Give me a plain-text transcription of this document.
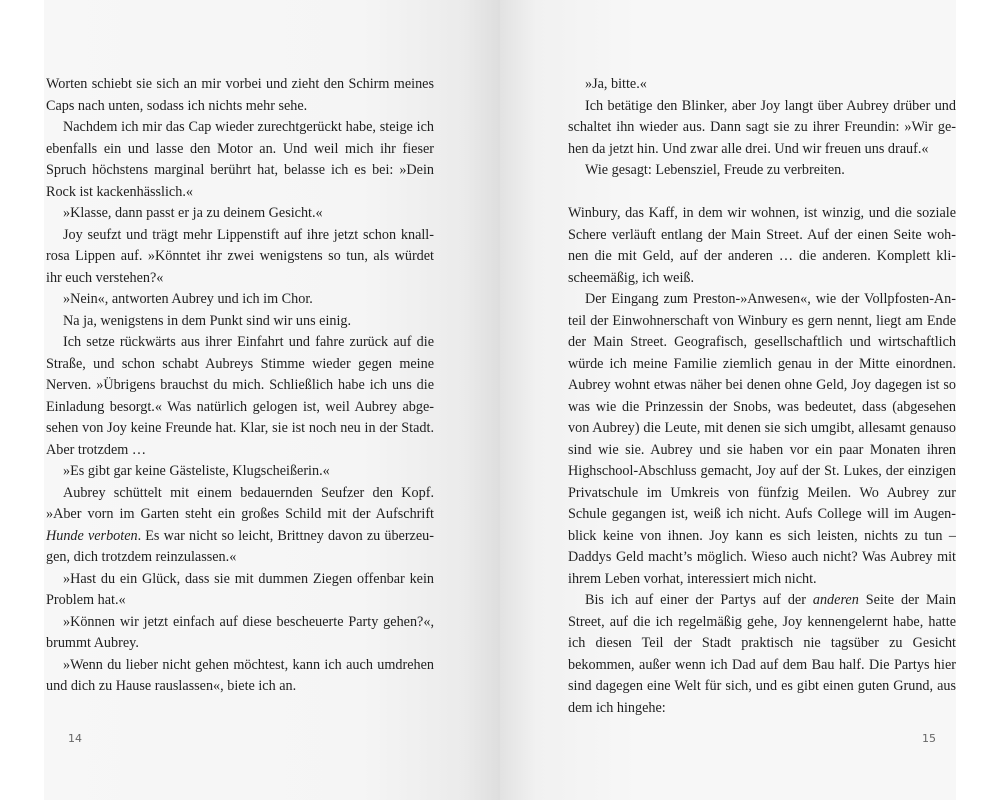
Worten schiebt sie sich an mir vorbei und zieht den Schirm meines Caps nach unten, sodass ich nichts mehr sehe.

Nachdem ich mir das Cap wieder zurechtgerückt habe, steige ich ebenfalls ein und lasse den Motor an. Und weil mich ihr fieser Spruch höchstens marginal berührt hat, belasse ich es bei: »Dein Rock ist kackenhässlich.«

»Klasse, dann passt er ja zu deinem Gesicht.«

Joy seufzt und trägt mehr Lippenstift auf ihre jetzt schon knallrosa Lippen auf. »Könntet ihr zwei wenigstens so tun, als würdet ihr euch verstehen?«

»Nein«, antworten Aubrey und ich im Chor.

Na ja, wenigstens in dem Punkt sind wir uns einig.

Ich setze rückwärts aus ihrer Einfahrt und fahre zurück auf die Straße, und schon schabt Aubreys Stimme wieder gegen meine Nerven. »Übrigens brauchst du mich. Schließlich habe ich uns die Einladung besorgt.« Was natürlich gelogen ist, weil Aubrey abgesehen von Joy keine Freunde hat. Klar, sie ist noch neu in der Stadt. Aber trotzdem …

»Es gibt gar keine Gästeliste, Klugscheißerin.«

Aubrey schüttelt mit einem bedauernden Seufzer den Kopf. »Aber vorn im Garten steht ein großes Schild mit der Aufschrift Hunde verboten. Es war nicht so leicht, Brittney davon zu überzeugen, dich trotzdem reinzulassen.«

»Hast du ein Glück, dass sie mit dummen Ziegen offenbar kein Problem hat.«

»Können wir jetzt einfach auf diese bescheuerte Party gehen?«, brummt Aubrey.

»Wenn du lieber nicht gehen möchtest, kann ich auch umdrehen und dich zu Hause rauslassen«, biete ich an.

14

»Ja, bitte.«

Ich betätige den Blinker, aber Joy langt über Aubrey drüber und schaltet ihn wieder aus. Dann sagt sie zu ihrer Freundin: »Wir gehen da jetzt hin. Und zwar alle drei. Und wir freuen uns drauf.«

Wie gesagt: Lebensziel, Freude zu verbreiten.

Winbury, das Kaff, in dem wir wohnen, ist winzig, und die soziale Schere verläuft entlang der Main Street. Auf der einen Seite wohnen die mit Geld, auf der anderen … die anderen. Komplett klischeemäßig, ich weiß.

Der Eingang zum Preston-»Anwesen«, wie der Vollpfosten-Anteil der Einwohnerschaft von Winbury es gern nennt, liegt am Ende der Main Street. Geografisch, gesellschaftlich und wirtschaftlich würde ich meine Familie ziemlich genau in der Mitte einordnen. Aubrey wohnt etwas näher bei denen ohne Geld, Joy dagegen ist so was wie die Prinzessin der Snobs, was bedeutet, dass (abgesehen von Aubrey) die Leute, mit denen sie sich umgibt, allesamt genauso sind wie sie. Aubrey und sie haben vor ein paar Monaten ihren Highschool-Abschluss gemacht, Joy auf der St. Lukes, der einzigen Privatschule im Umkreis von fünfzig Meilen. Wo Aubrey zur Schule gegangen ist, weiß ich nicht. Aufs College will im Augenblick keine von ihnen. Joy kann es sich leisten, nichts zu tun – Daddys Geld macht’s möglich. Wieso auch nicht? Was Aubrey mit ihrem Leben vorhat, interessiert mich nicht.

Bis ich auf einer der Partys auf der anderen Seite der Main Street, auf die ich regelmäßig gehe, Joy kennengelernt habe, hatte ich diesen Teil der Stadt praktisch nie tagsüber zu Gesicht bekommen, außer wenn ich Dad auf dem Bau half. Die Partys hier sind dagegen eine Welt für sich, und es gibt einen guten Grund, aus dem ich hingehe:

15
